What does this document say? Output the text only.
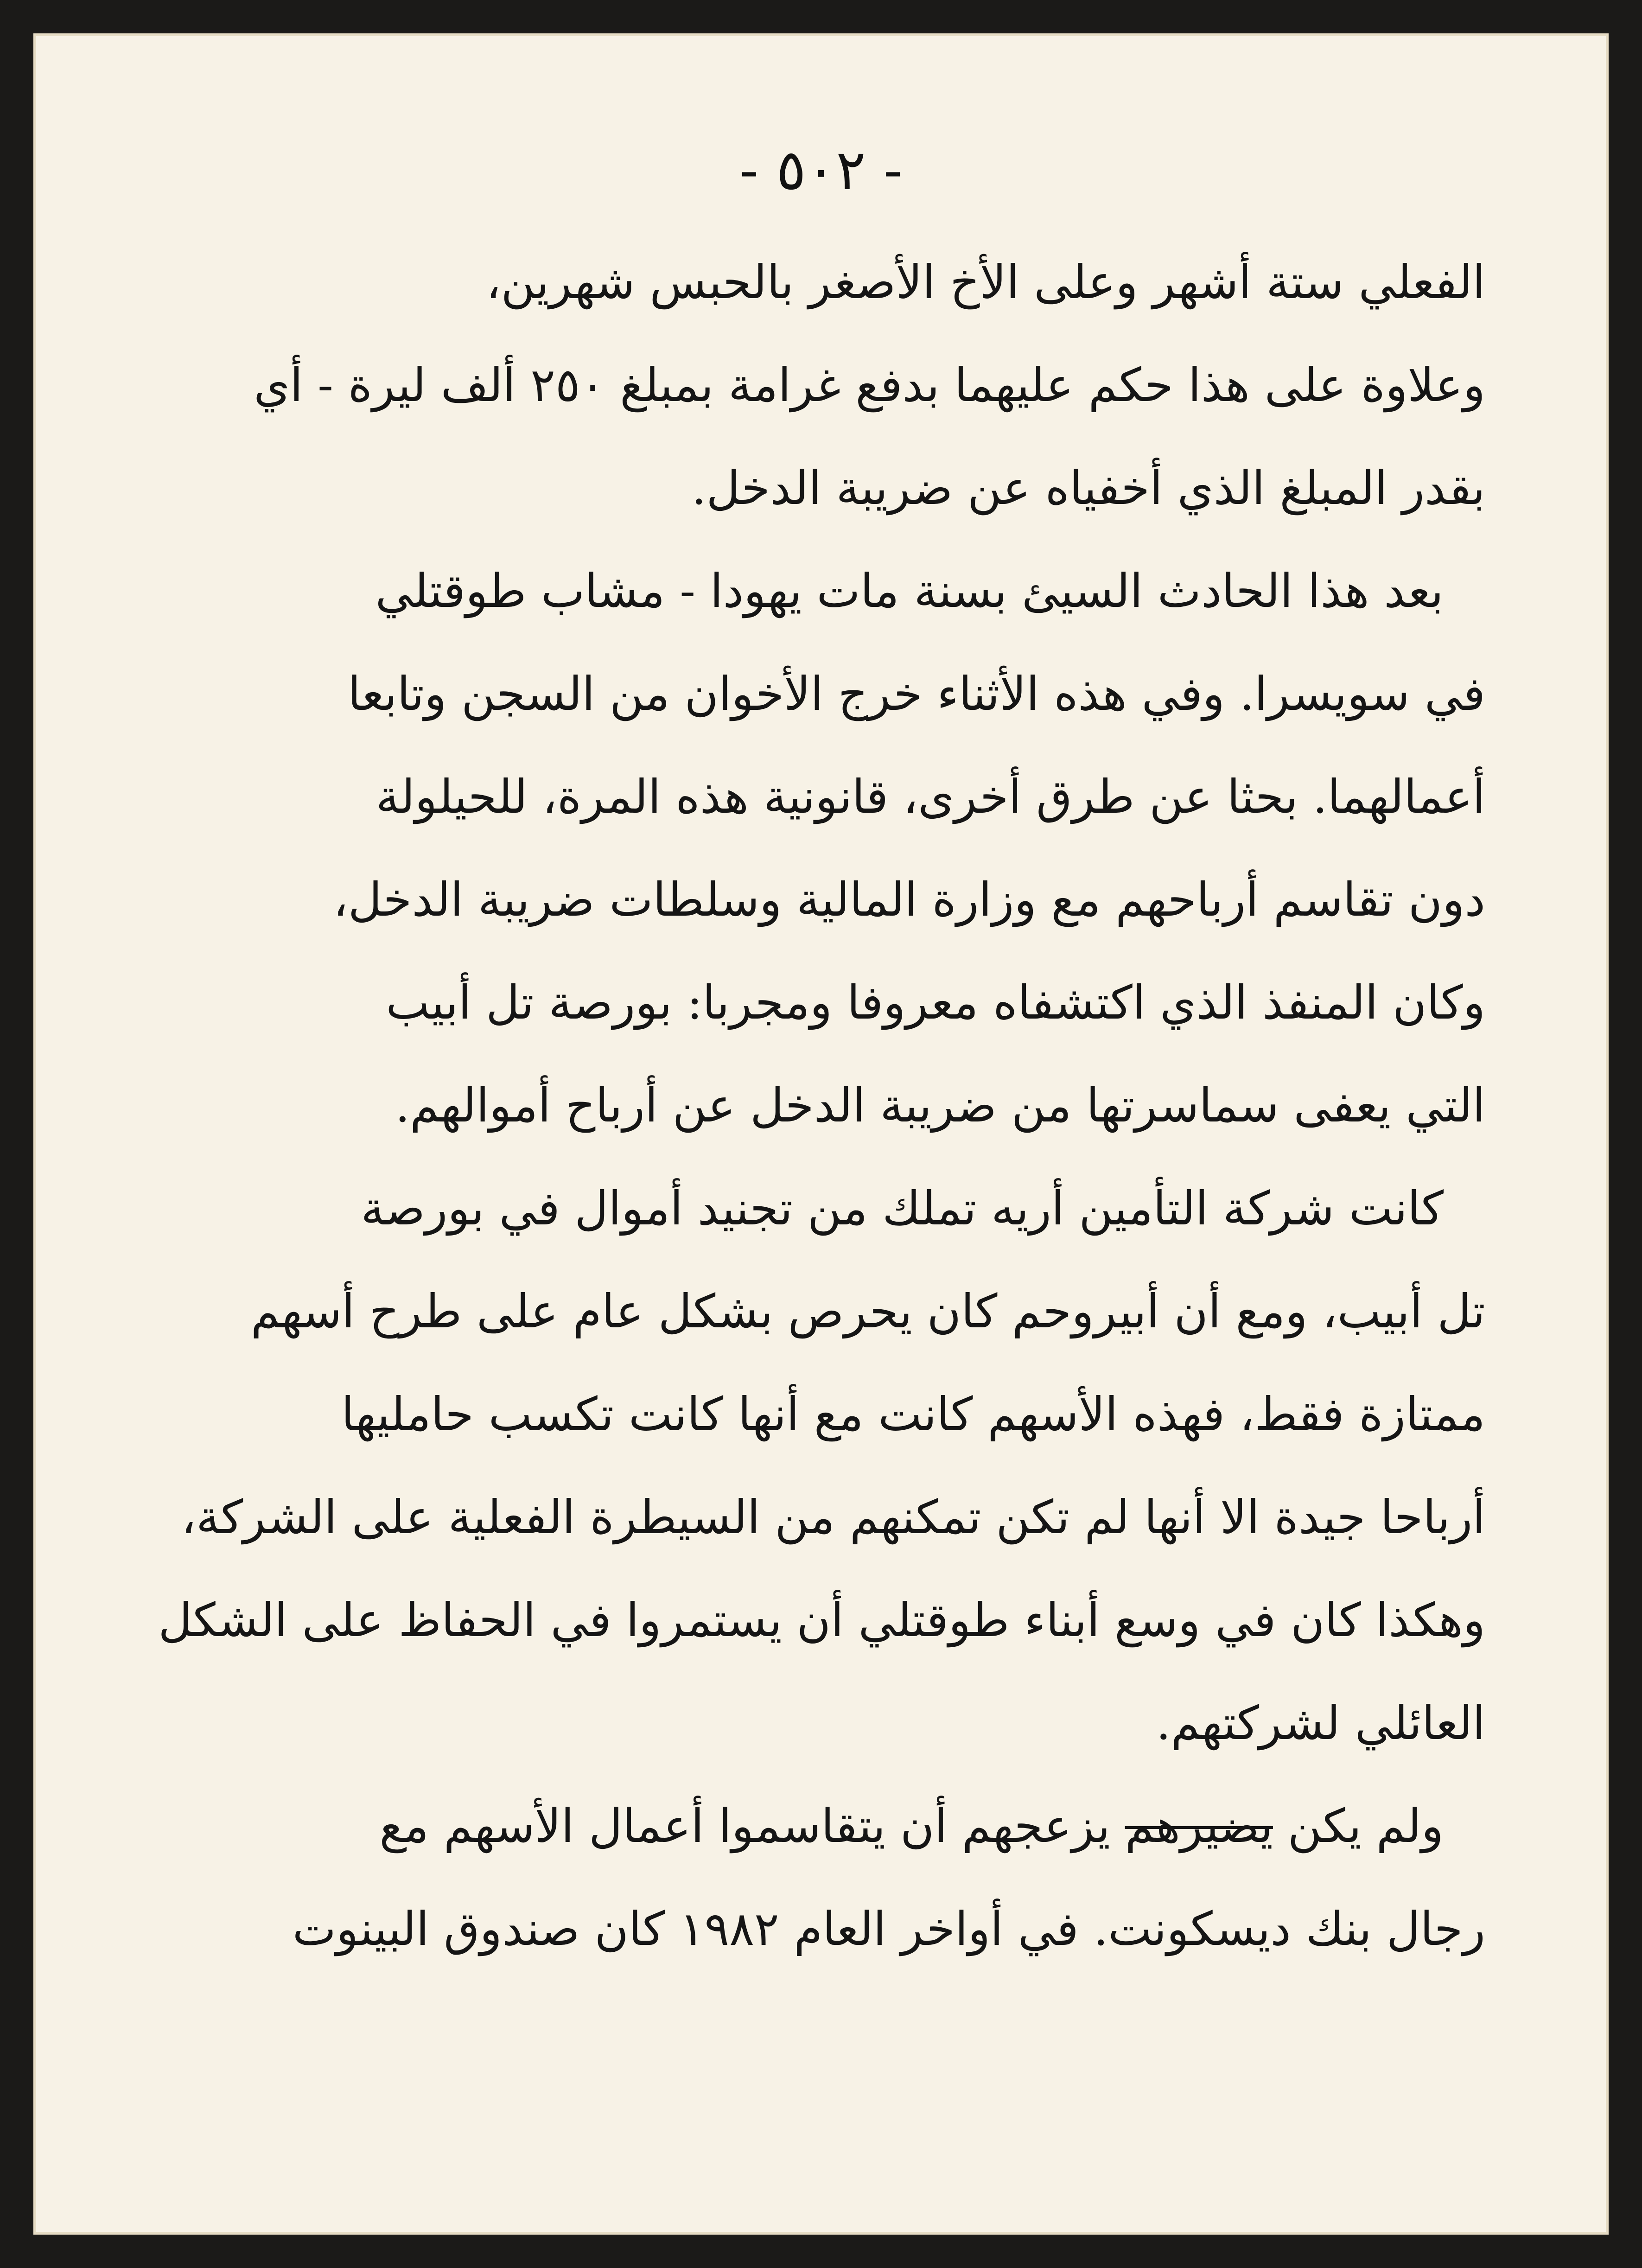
- ٥٠٢ -
الفعلي ستة أشهر وعلى الأخ الأصغر بالحبس شهرين،
وعلاوة على هذا حكم عليهما بدفع غرامة بمبلغ ٢٥٠ ألف ليرة - أي
بقدر المبلغ الذي أخفياه عن ضريبة الدخل.
بعد هذا الحادث السيئ بسنة مات يهودا - مشاب طوقتلي
في سويسرا. وفي هذه الأثناء خرج الأخوان من السجن وتابعا
أعمالهما. بحثا عن طرق أخرى، قانونية هذه المرة، للحيلولة
دون تقاسم أرباحهم مع وزارة المالية وسلطات ضريبة الدخل،
وكان المنفذ الذي اكتشفاه معروفا ومجربا: بورصة تل أبيب
التي يعفى سماسرتها من ضريبة الدخل عن أرباح أموالهم.
كانت شركة التأمين أريه تملك من تجنيد أموال في بورصة
تل أبيب، ومع أن أبيروحم كان يحرص بشكل عام على طرح أسهم
ممتازة فقط، فهذه الأسهم كانت مع أنها كانت تكسب حامليها
أرباحا جيدة الا أنها لم تكن تمكنهم من السيطرة الفعلية على الشركة،
وهكذا كان في وسع أبناء طوقتلي أن يستمروا في الحفاظ على الشكل
العائلي لشركتهم.
ولم يكن يضيرهم يزعجهم أن يتقاسموا أعمال الأسهم مع
رجال بنك ديسكونت. في أواخر العام ١٩٨٢ كان صندوق البينوت
